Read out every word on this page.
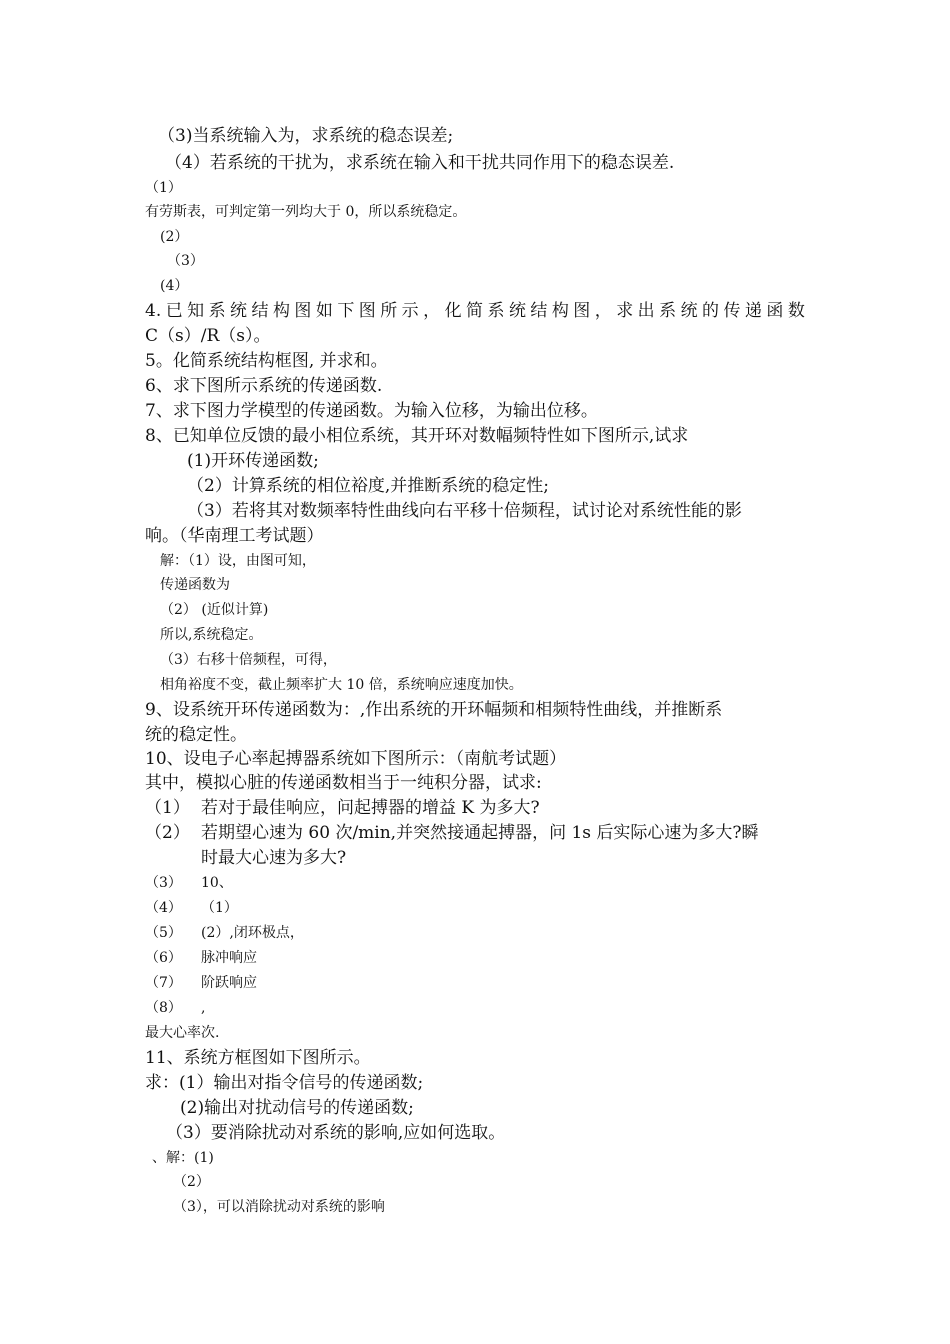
（3)当系统输入为，求系统的稳态误差;
（4）若系统的干扰为，求系统在输入和干扰共同作用下的稳态误差.
（1）
有劳斯表，可判定第一列均大于 0，所以系统稳定。
(2）
（3）
(4）
4. 已 知 系 统 结 构 图 如 下 图 所 示 ， 化 简 系 统 结 构 图 ， 求 出 系 统 的 传 递 函 数
C（s）/R（s）。
5。化简系统结构框图, 并求和。
6、求下图所示系统的传递函数.
7、求下图力学模型的传递函数。为输入位移，为输出位移。
8、已知单位反馈的最小相位系统，其开环对数幅频特性如下图所示,试求
(1)开环传递函数;
（2）计算系统的相位裕度,并推断系统的稳定性;
（3）若将其对数频率特性曲线向右平移十倍频程，试讨论对系统性能的影
响。（华南理工考试题）
解：（1）设，由图可知，
传递函数为
（2） (近似计算)
所以,系统稳定。
（3）右移十倍频程，可得，
相角裕度不变，截止频率扩大 10 倍，系统响应速度加快。
9、设系统开环传递函数为：,作出系统的开环幅频和相频特性曲线，并推断系
统的稳定性。
10、设电子心率起搏器系统如下图所示：（南航考试题）
其中，模拟心脏的传递函数相当于一纯积分器，试求:
（1） 若对于最佳响应，问起搏器的增益 K 为多大?
（2） 若期望心速为 60 次/min,并突然接通起搏器，问 1s 后实际心速为多大?瞬
时最大心速为多大?
（3） 10、
（4） （1）
（5） (2）,闭环极点，
（6） 脉冲响应
（7） 阶跃响应
（8） ,
最大心率次.
11、系统方框图如下图所示。
求：(1）输出对指令信号的传递函数;
(2)输出对扰动信号的传递函数;
（3）要消除扰动对系统的影响,应如何选取。
、解：(1)
（2）
（3），可以消除扰动对系统的影响
